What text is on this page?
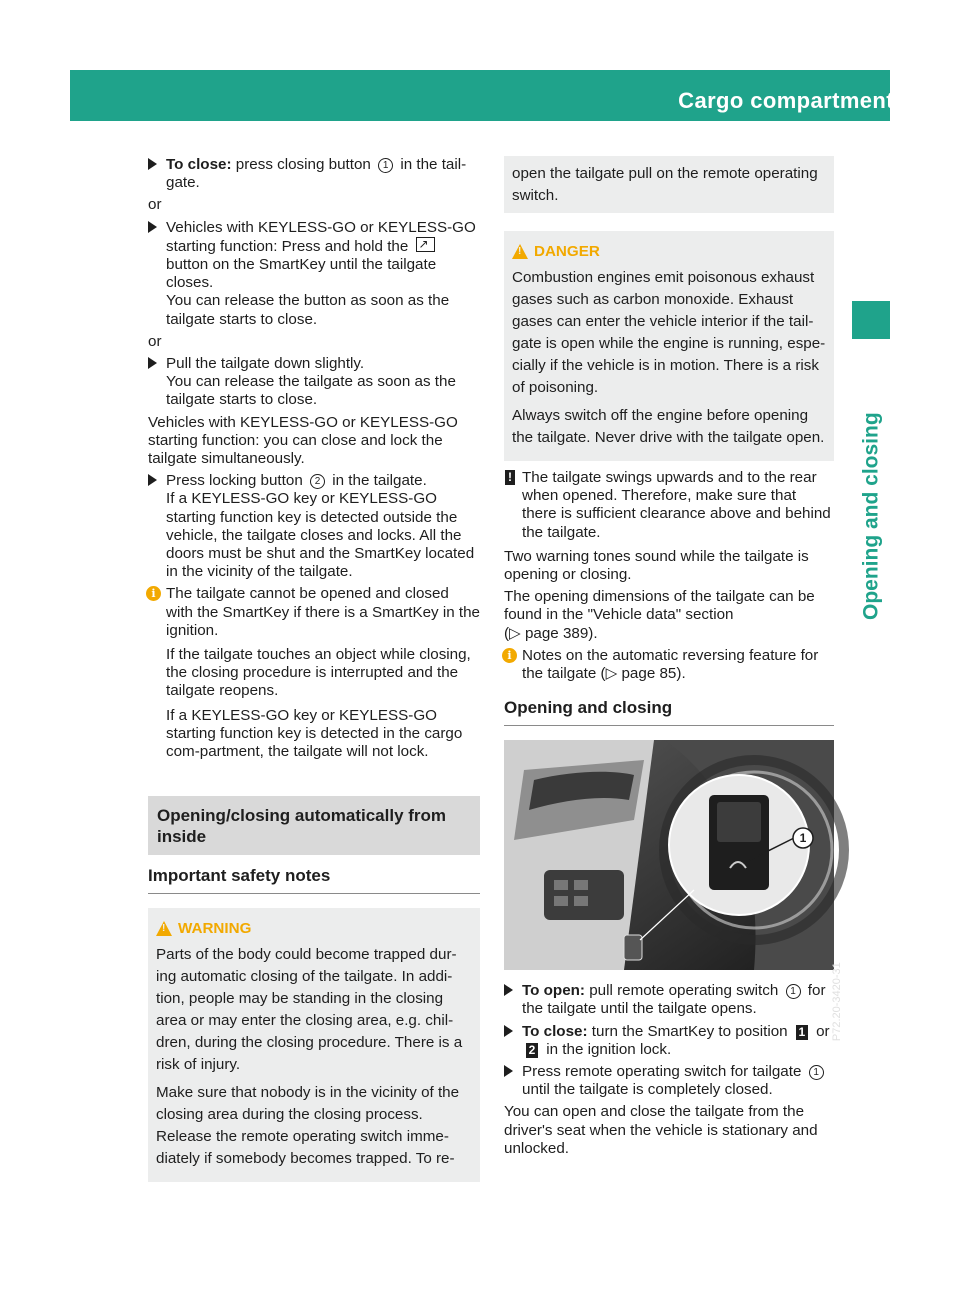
Cargo compartment	87
Opening and closing

To close: press closing button 1 in the tail-gate.

or

Vehicles with KEYLESS-GO or KEYLESS-GO starting function: Press and hold the ↗ button on the SmartKey until the tailgate closes.
You can release the button as soon as the tailgate starts to close.

or

Pull the tailgate down slightly.
You can release the tailgate as soon as the tailgate starts to close.

Vehicles with KEYLESS-GO or KEYLESS-GO starting function: you can close and lock the tailgate simultaneously.

Press locking button 2 in the tailgate.
If a KEYLESS-GO key or KEYLESS-GO starting function key is detected outside the vehicle, the tailgate closes and locks. All the doors must be shut and the SmartKey located in the vicinity of the tailgate.

i The tailgate cannot be opened and closed with the SmartKey if there is a SmartKey in the ignition.

If the tailgate touches an object while closing, the closing procedure is interrupted and the tailgate reopens.

If a KEYLESS-GO key or KEYLESS-GO starting function key is detected in the cargo com-partment, the tailgate will not lock.

Opening/closing automatically from inside
Important safety notes

WARNING !

Parts of the body could become trapped dur-ing automatic closing of the tailgate. In addi-tion, people may be standing in the closing area or may enter the closing area, e.g. chil-dren, during the closing procedure. There is a risk of injury.

Make sure that nobody is in the vicinity of the closing area during the closing process. Release the remote operating switch imme-diately if somebody becomes trapped. To re-

open the tailgate pull on the remote operating switch.

DANGER !

Combustion engines emit poisonous exhaust gases such as carbon monoxide. Exhaust gases can enter the vehicle interior if the tail-gate is open while the engine is running, espe-cially if the vehicle is in motion. There is a risk of poisoning.

Always switch off the engine before opening the tailgate. Never drive with the tailgate open.

! The tailgate swings upwards and to the rear when opened. Therefore, make sure that there is sufficient clearance above and behind the tailgate.

Two warning tones sound while the tailgate is opening or closing.

The opening dimensions of the tailgate can be found in the "Vehicle data" section
(▷ page 389).

i Notes on the automatic reversing feature for the tailgate (▷ page 85).

Opening and closing
1
P72.20-3420-31

To open: pull remote operating switch 1 for the tailgate until the tailgate opens.

To close: turn the SmartKey to position 1 or 2 in the ignition lock.

Press remote operating switch for tailgate 1 until the tailgate is completely closed.

You can open and close the tailgate from the driver's seat when the vehicle is stationary and unlocked.
